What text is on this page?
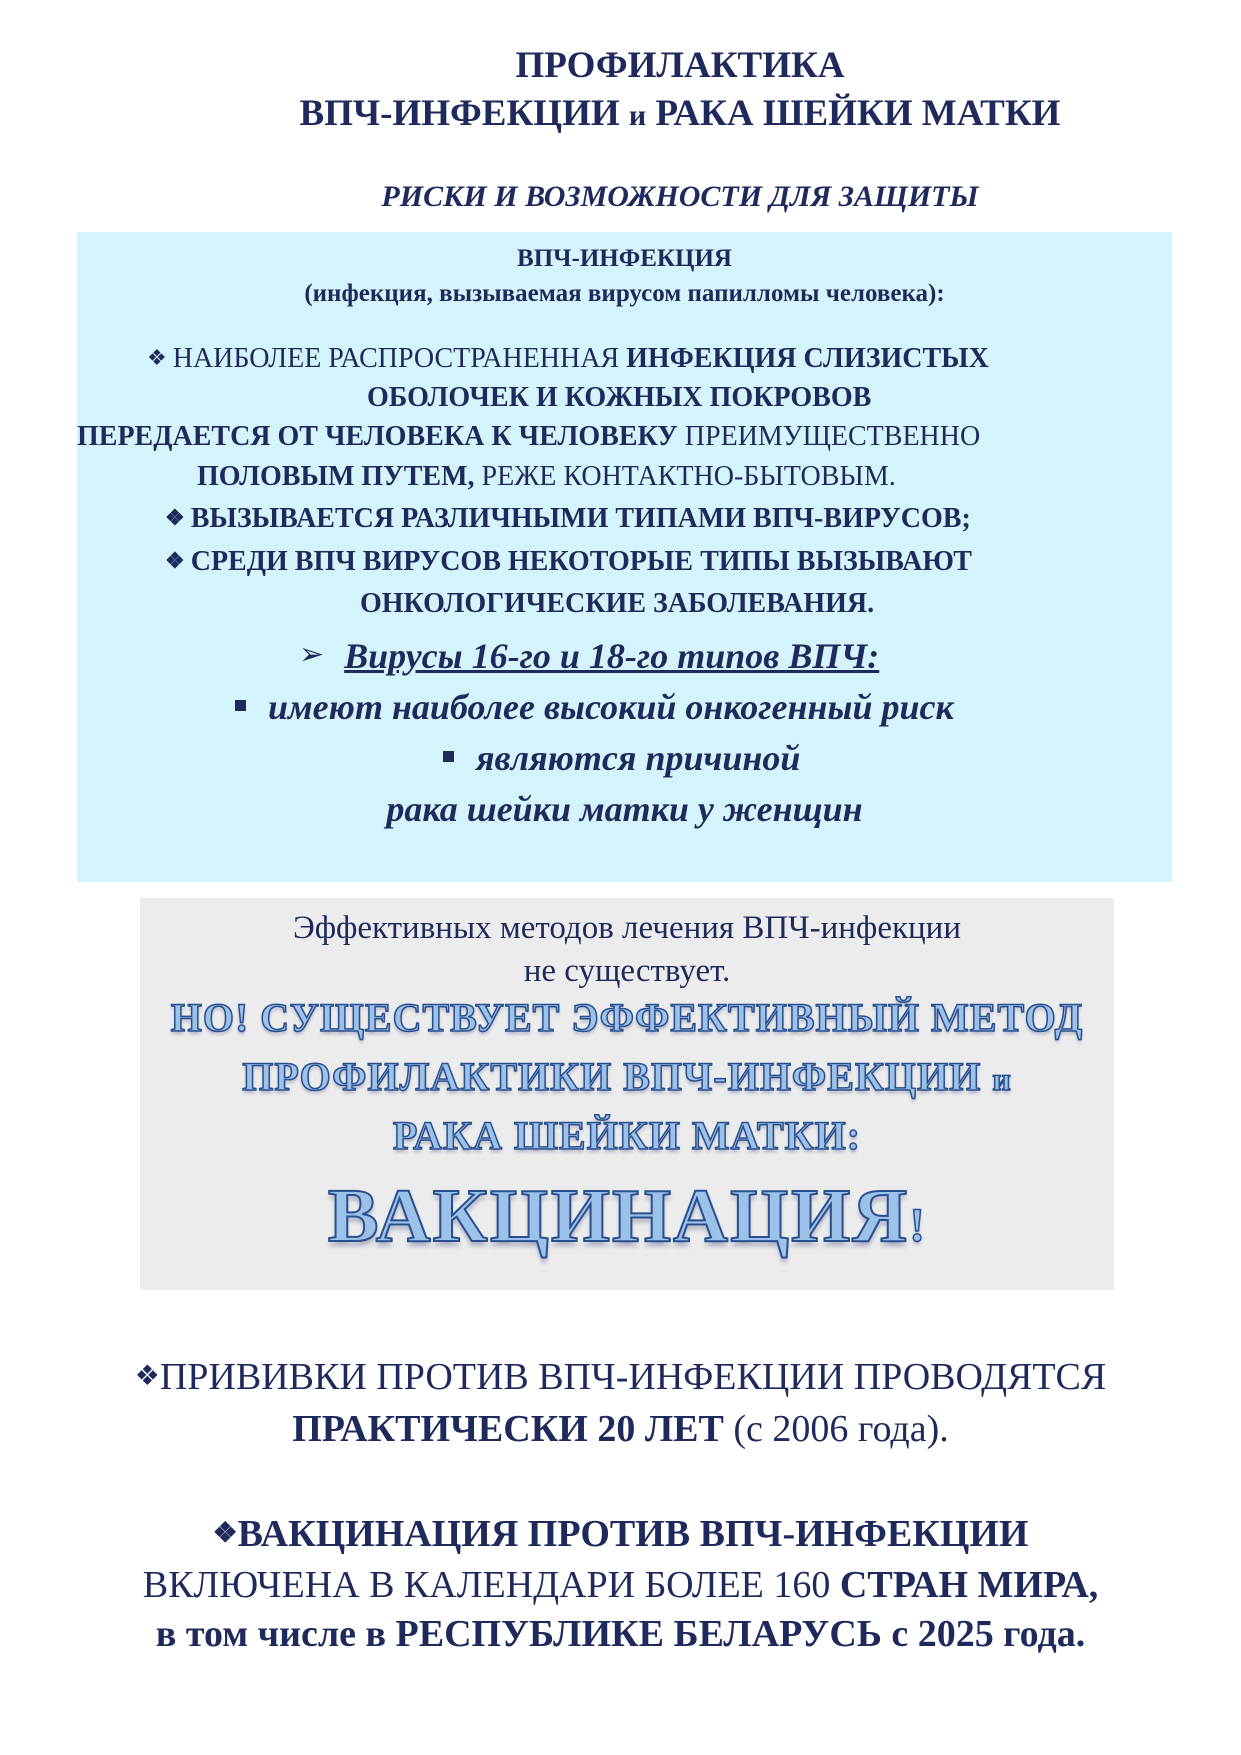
ПРОФИЛАКТИКА
ВПЧ-ИНФЕКЦИИ и РАКА ШЕЙКИ МАТКИ
РИСКИ И ВОЗМОЖНОСТИ ДЛЯ ЗАЩИТЫ
ВПЧ-ИНФЕКЦИЯ
(инфекция, вызываемая вирусом папилломы человека):
❖ НАИБОЛЕЕ РАСПРОСТРАНЕННАЯ ИНФЕКЦИЯ СЛИЗИСТЫХ
ОБОЛОЧЕК И КОЖНЫХ ПОКРОВОВ
ПЕРЕДАЕТСЯ ОТ ЧЕЛОВЕКА К ЧЕЛОВЕКУ ПРЕИМУЩЕСТВЕННО
ПОЛОВЫМ ПУТЕМ, РЕЖЕ КОНТАКТНО-БЫТОВЫМ.
❖ ВЫЗЫВАЕТСЯ РАЗЛИЧНЫМИ ТИПАМИ ВПЧ-ВИРУСОВ;
❖ СРЕДИ ВПЧ ВИРУСОВ НЕКОТОРЫЕ ТИПЫ ВЫЗЫВАЮТ
ОНКОЛОГИЧЕСКИЕ ЗАБОЛЕВАНИЯ.
➢ Вирусы 16-го и 18-го типов ВПЧ:
имеют наиболее высокий онкогенный риск
являются причиной
рака шейки матки у женщин
Эффективных методов лечения ВПЧ-инфекции
не существует.
НО! СУЩЕСТВУЕТ ЭФФЕКТИВНЫЙ МЕТОД
ПРОФИЛАКТИКИ ВПЧ-ИНФЕКЦИИ и
РАКА ШЕЙКИ МАТКИ:
ВАКЦИНАЦИЯ!
❖ПРИВИВКИ ПРОТИВ ВПЧ-ИНФЕКЦИИ ПРОВОДЯТСЯ
ПРАКТИЧЕСКИ 20 ЛЕТ (с 2006 года).
❖ВАКЦИНАЦИЯ ПРОТИВ ВПЧ-ИНФЕКЦИИ
ВКЛЮЧЕНА В КАЛЕНДАРИ БОЛЕЕ 160 СТРАН МИРА,
в том числе в РЕСПУБЛИКЕ БЕЛАРУСЬ с 2025 года.
